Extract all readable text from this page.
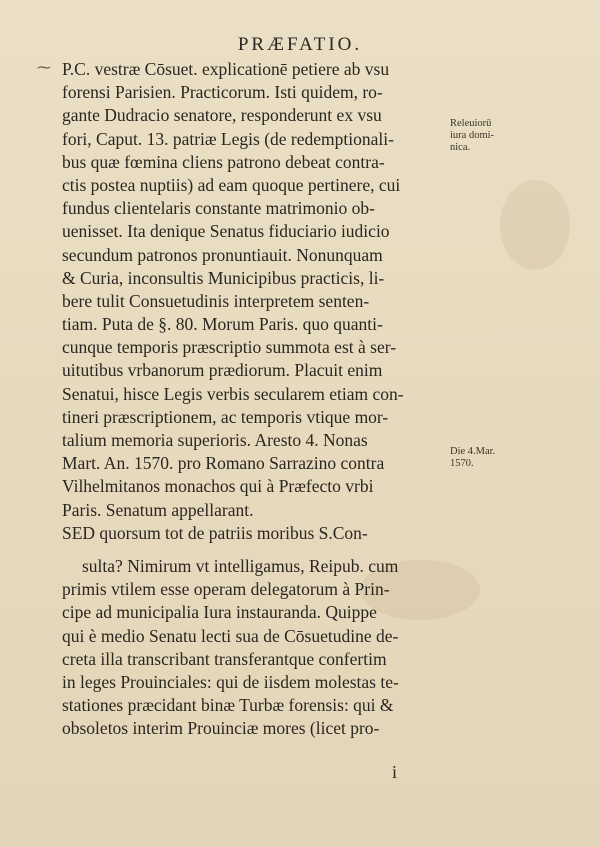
PRÆFATIO.
⁓ P.C. vestræ Cōsuet. explicationē petiere ab vsu
forensi Parisien. Practicorum. Isti quidem, ro-
gante Dudracio senatore, responderunt ex vsu
fori, Caput. 13. patriæ Legis (de redemptionali-
bus quæ fœmina cliens patrono debeat contra-
ctis postea nuptiis) ad eam quoque pertinere, cui
fundus clientelaris constante matrimonio ob-
uenisset. Ita denique Senatus fiduciario iudicio
secundum patronos pronuntiauit. Nonunquam
& Curia, inconsultis Municipibus practicis, li-
bere tulit Consuetudinis interpretem senten-
tiam. Puta de §. 80. Morum Paris. quo quanti-
cunque temporis præscriptio summota est à ser-
uitutibus vrbanorum prædiorum. Placuit enim
Senatui, hisce Legis verbis secularem etiam con-
tineri præscriptionem, ac temporis vtique mor-
talium memoria superioris. Aresto 4. Nonas
Mart. An. 1570. pro Romano Sarrazino contra
Vilhelmitanos monachos qui à Præfecto vrbi
Paris. Senatum appellarant.
SED quorsum tot de patriis moribus S.Con-
sulta? Nimirum vt intelligamus, Reipub. cum
primis vtilem esse operam delegatorum à Prin-
cipe ad municipalia Iura instauranda. Quippe
qui è medio Senatu lecti sua de Cōsuetudine de-
creta illa transcribant transferantque confertim
in leges Prouinciales: qui de iisdem molestas te-
stationes præcidant binæ Turbæ forensis: qui &
obsoletos interim Prouinciæ mores (licet pro-
Releuiorū
iura domi-
nica.
Die 4.Mar.
1570.
i
